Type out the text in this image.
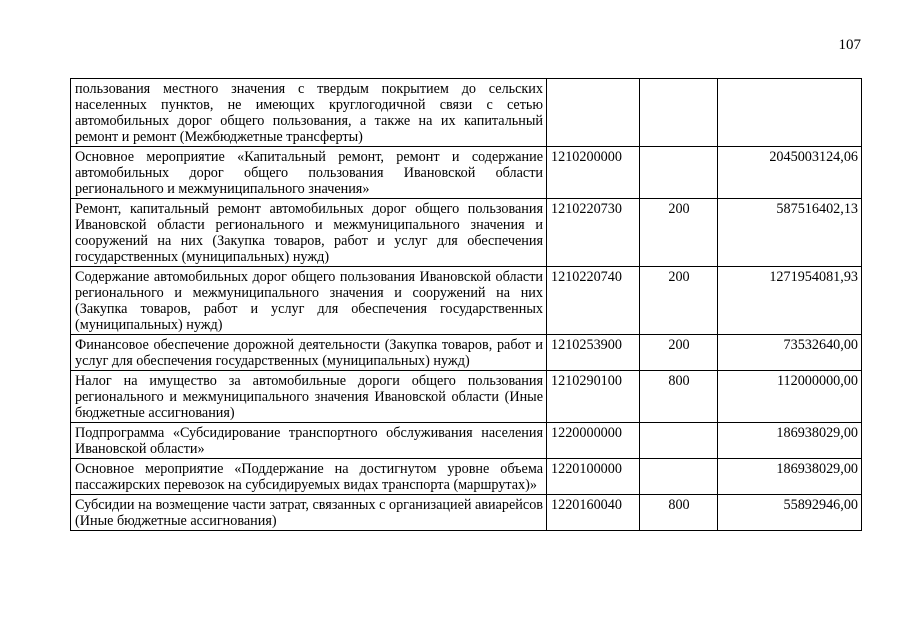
107
пользования местного значения с твердым покрытием до сельских населенных пунктов, не имеющих круглогодичной связи с сетью автомобильных дорог общего пользования, а также на их капитальный ремонт и ремонт (Межбюджетные трансферты)			
Основное мероприятие «Капитальный ремонт, ремонт и содержание автомобильных дорог общего пользования Ивановской области регионального и межмуниципального значения»	1210200000		2045003124,06
Ремонт, капитальный ремонт автомобильных дорог общего пользования Ивановской области регионального и межмуниципального значения и сооружений на них (Закупка товаров, работ и услуг для обеспечения государственных (муниципальных) нужд)	1210220730	200	587516402,13
Содержание автомобильных дорог общего пользования Ивановской области регионального и межмуниципального значения и сооружений на них (Закупка товаров, работ и услуг для обеспечения государственных (муниципальных) нужд)	1210220740	200	1271954081,93
Финансовое обеспечение дорожной деятельности (Закупка товаров, работ и услуг для обеспечения государственных (муниципальных) нужд)	1210253900	200	73532640,00
Налог на имущество за автомобильные дороги общего пользования регионального и межмуниципального значения Ивановской области (Иные бюджетные ассигнования)	1210290100	800	112000000,00
Подпрограмма «Субсидирование транспортного обслуживания населения Ивановской области»	1220000000		186938029,00
Основное мероприятие «Поддержание на достигнутом уровне объема пассажирских перевозок на субсидируемых видах транспорта (маршрутах)»	1220100000		186938029,00
Субсидии на возмещение части затрат, связанных с организацией авиарейсов (Иные бюджетные ассигнования)	1220160040	800	55892946,00
